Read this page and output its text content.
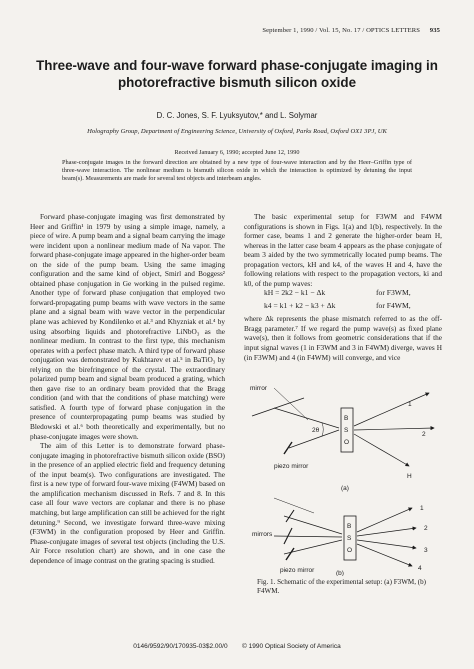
September 1, 1990 / Vol. 15, No. 17 / OPTICS LETTERS 935
Three-wave and four-wave forward phase-conjugate imaging in photorefractive bismuth silicon oxide
D. C. Jones, S. F. Lyuksyutov,* and L. Solymar
Holography Group, Department of Engineering Science, University of Oxford, Parks Road, Oxford OX1 3PJ, UK
Received January 6, 1990; accepted June 12, 1990
Phase-conjugate images in the forward direction are obtained by a new type of four-wave interaction and by the Heer–Griffin type of three-wave interaction. The nonlinear medium is bismuth silicon oxide in which the interaction is optimized by detuning the input beam(s). Measurements are made for several test objects and interbeam angles.

Forward phase-conjugate imaging was first demonstrated by Heer and Griffin¹ in 1979 by using a simple image, namely, a piece of wire. A pump beam and a signal beam carrying the image were incident upon a nonlinear medium made of Na vapor. The forward phase-conjugate image appeared in the higher-order beam on the side of the pump beam. Using the same imaging configuration and the same kind of object, Smirl and Boggess² obtained phase conjugation in Ge working in the pulsed regime. Another type of forward phase conjugation that employed two forward-propagating pump beams with wave vectors in the same plane and a signal beam with wave vector in the perpendicular plane was achieved by Kondilenko et al.³ and Khyzniak et al.⁴ by using absorbing liquids and photorefractive LiNbO₃ as the nonlinear medium. In contrast to the first type, this mechanism operates with a perfect phase match. A third type of forward phase conjugation was demonstrated by Kukhtarev et al.⁵ in BaTiO₃ by relying on the birefringence of the crystal. The extraordinary polarized pump beam and signal beam produced a grating, which then gave rise to an ordinary beam provided that the Bragg condition (and with that the conditions of phase matching) were satisfied. A fourth type of forward phase conjugation in the presence of counterpropagating pump beams was studied by Bledowski et al.⁶ both theoretically and experimentally, but no phase-conjugate images were shown.

The aim of this Letter is to demonstrate forward phase-conjugate imaging in photorefractive bismuth silicon oxide (BSO) in the presence of an applied electric field and frequency detuning of the input beam(s). Two configurations are investigated. The first is a new type of forward four-wave mixing (F4WM) based on the amplification mechanism discussed in Refs. 7 and 8. In this case all four wave vectors are coplanar and there is no phase matching, but large amplification can still be achieved for the right detuning.⁹ Second, we investigate forward three-wave mixing (F3WM) in the configuration proposed by Heer and Griffin. Phase-conjugate images of several test objects (including the U.S. Air Force resolution chart) are shown, and in one case the dependence of image contrast on the grating spacing is studied.

The basic experimental setup for F3WM and F4WM configurations is shown in Figs. 1(a) and 1(b), respectively. In the former case, beams 1 and 2 generate the higher-order beam H, whereas in the latter case beam 4 appears as the phase conjugate of beam 3 aided by the two symmetrically located pump beams. The propagation vectors, kH and k4, of the waves H and 4, have the following relations with respect to the propagation vectors, ki and k0, of the pump waves:

kH = 2k2 − k1 − Δk	for F3WM,
k4 = k1 + k2 − k3 + Δk	for F4WM,

where Δk represents the phase mismatch referred to as the off-Bragg parameter.⁷ If we regard the pump wave(s) as fixed plane wave(s), then it follows from geometric considerations that if the input signal waves (1 in F3WM and 3 in F4WM) diverge, waves H (in F3WM) and 4 (in F4WM) will converge, and vice

mirror
piezo mirror
2θ
B
S
O
1
2
H
(a)
mirrors
piezo mirror
B
S
O
1
2
3
4
(b)
Fig. 1. Schematic of the experimental setup: (a) F3WM, (b) F4WM.
0146/9592/90/170935-03$2.00/0        © 1990 Optical Society of America
